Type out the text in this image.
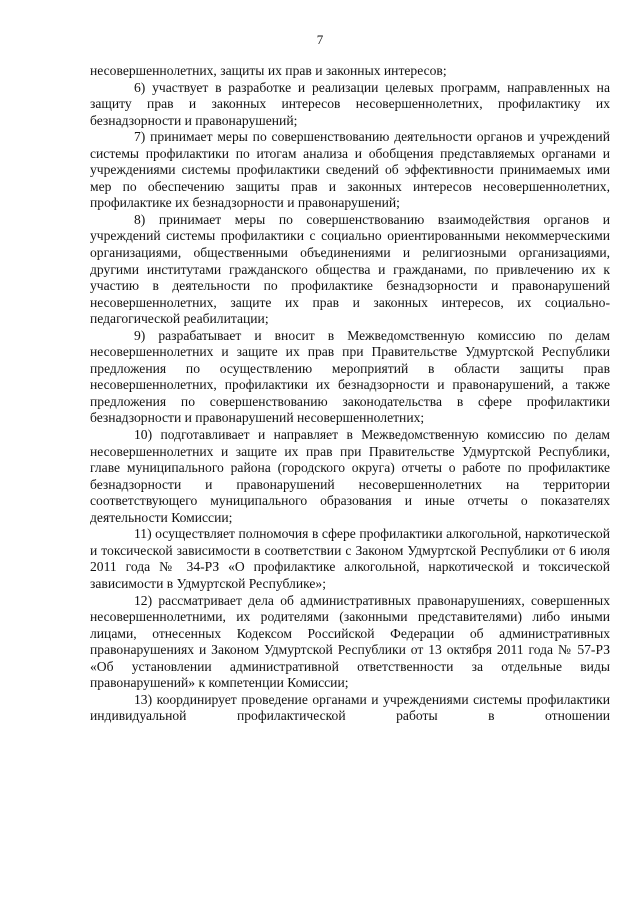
7

несовершеннолетних, защиты их прав и законных интересов;

6) участвует в разработке и реализации целевых программ, направленных на защиту прав и законных интересов несовершеннолетних, профилактику их безнадзорности и правонарушений;

7) принимает меры по совершенствованию деятельности органов и учреждений системы профилактики по итогам анализа и обобщения представляемых органами и учреждениями системы профилактики сведений об эффективности принимаемых ими мер по обеспечению защиты прав и законных интересов несовершеннолетних, профилактике их безнадзорности и правонарушений;

8) принимает меры по совершенствованию взаимодействия органов и учреждений системы профилактики с социально ориентированными некоммерческими организациями, общественными объединениями и религиозными организациями, другими институтами гражданского общества и гражданами, по привлечению их к участию в деятельности по профилактике безнадзорности и правонарушений несовершеннолетних, защите их прав и законных интересов, их социально-педагогической реабилитации;

9) разрабатывает и вносит в Межведомственную комиссию по делам несовершеннолетних и защите их прав при Правительстве Удмуртской Республики предложения по осуществлению мероприятий в области защиты прав несовершеннолетних, профилактики их безнадзорности и правонарушений, а также предложения по совершенствованию законодательства в сфере профилактики безнадзорности и правонарушений несовершеннолетних;

10) подготавливает и направляет в Межведомственную комиссию по делам несовершеннолетних и защите их прав при Правительстве Удмуртской Республики, главе муниципального района (городского округа) отчеты о работе по профилактике безнадзорности и правонарушений несовершеннолетних на территории соответствующего муниципального образования и иные отчеты о показателях деятельности Комиссии;

11) осуществляет полномочия в сфере профилактики алкогольной, наркотической и токсической зависимости в соответствии с Законом Удмуртской Республики от 6 июля 2011 года № 34-РЗ «О профилактике алкогольной, наркотической и токсической зависимости в Удмуртской Республике»;

12) рассматривает дела об административных правонарушениях, совершенных несовершеннолетними, их родителями (законными представителями) либо иными лицами, отнесенных Кодексом Российской Федерации об административных правонарушениях и Законом Удмуртской Республики от 13 октября 2011 года № 57-РЗ «Об установлении административной ответственности за отдельные виды правонарушений» к компетенции Комиссии;

13) координирует проведение органами и учреждениями системы профилактики индивидуальной профилактической работы в отношении
